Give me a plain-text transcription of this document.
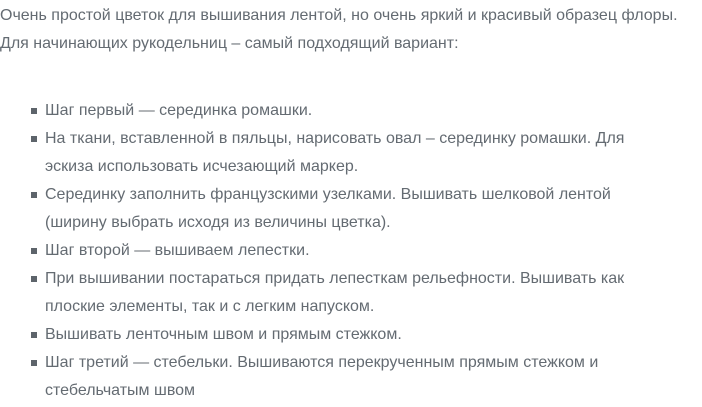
Очень простой цветок для вышивания лентой, но очень яркий и красивый образец флоры. Для начинающих рукодельниц – самый подходящий вариант:

Шаг первый — серединка ромашки.
На ткани, вставленной в пяльцы, нарисовать овал – серединку ромашки. Для эскиза использовать исчезающий маркер.
Серединку заполнить французскими узелками. Вышивать шелковой лентой (ширину выбрать исходя из величины цветка).
Шаг второй — вышиваем лепестки.
При вышивании постараться придать лепесткам рельефности. Вышивать как плоские элементы, так и с легким напуском.
Вышивать ленточным швом и прямым стежком.
Шаг третий — стебельки. Вышиваются перекрученным прямым стежком и стебельчатым швом
